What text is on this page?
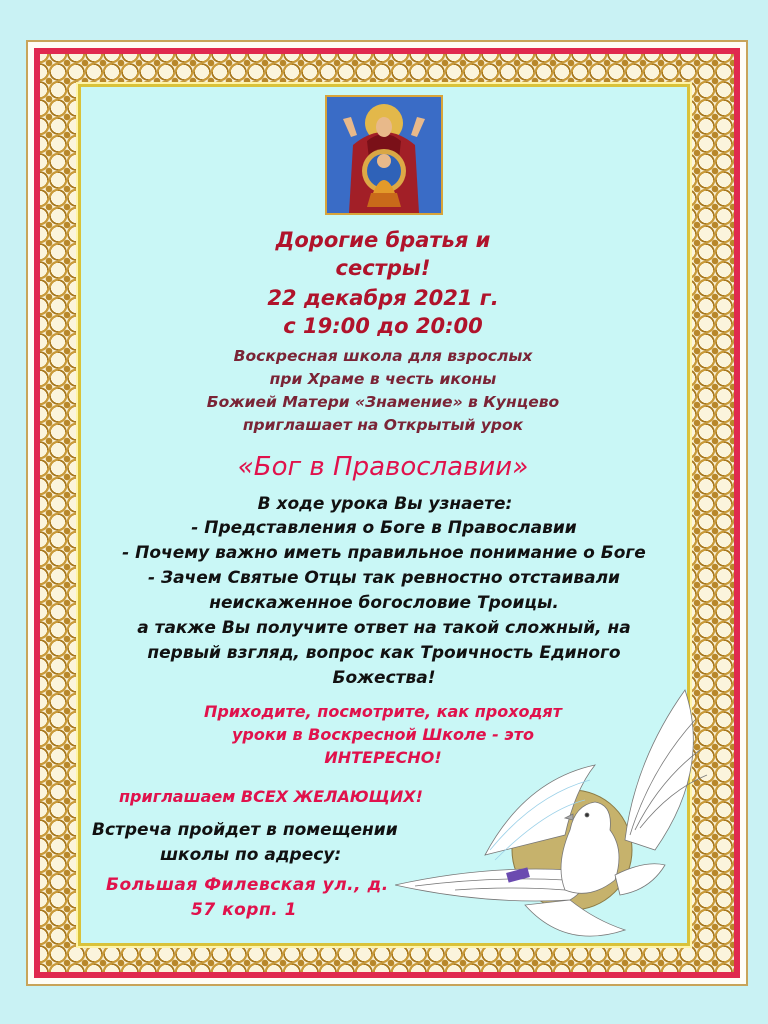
Дорогие братья и

сестры!

22 декабря 2021 г.

с 19:00 до 20:00

Воскресная школа для взрослых

при Храме в честь иконы

Божией Матери «Знамение» в Кунцево

приглашает на Открытый урок

«Бог в Православии»

В ходе урока Вы узнаете:

- Представления о Боге в Православии

- Почему важно иметь правильное понимание о Боге

- Зачем Святые Отцы так ревностно отстаивали

неискаженное богословие Троицы.

а также Вы получите ответ на такой сложный, на

первый взгляд, вопрос как Троичность Единого

Божества!

Приходите, посмотрите, как проходят

уроки в Воскресной Школе - это

ИНТЕРЕСНО!

приглашаем ВСЕХ ЖЕЛАЮЩИХ!

Встреча пройдет в помещении

школы по адресу:

Большая Филевская ул., д.

57 корп. 1
